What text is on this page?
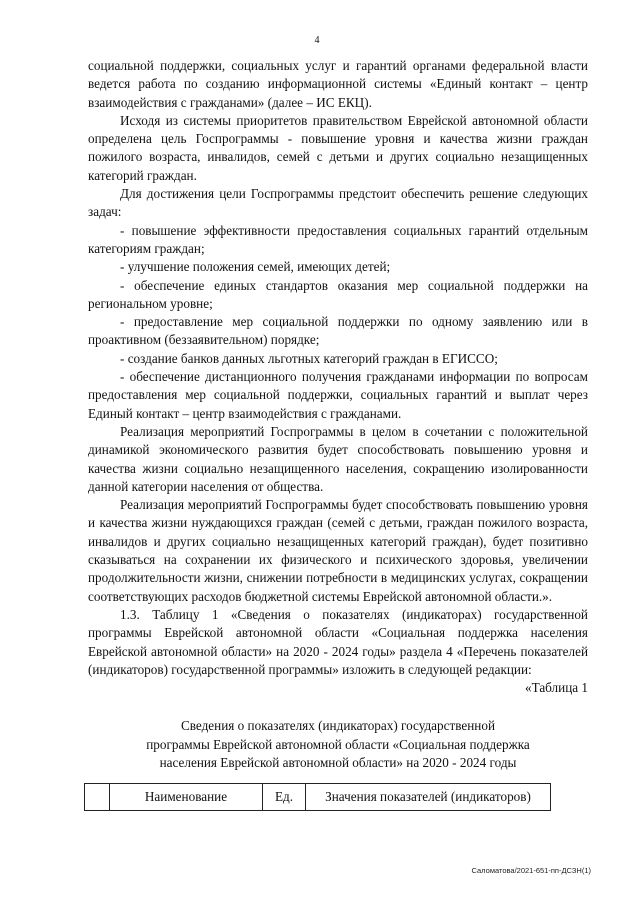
4

социальной поддержки, социальных услуг и гарантий органами федеральной власти ведется работа по созданию информационной системы «Единый контакт – центр взаимодействия с гражданами» (далее – ИС ЕКЦ).

Исходя из системы приоритетов правительством Еврейской автономной области определена цель Госпрограммы - повышение уровня и качества жизни граждан пожилого возраста, инвалидов, семей с детьми и других социально незащищенных категорий граждан.

Для достижения цели Госпрограммы предстоит обеспечить решение следующих задач:

- повышение эффективности предоставления социальных гарантий отдельным категориям граждан;

- улучшение положения семей, имеющих детей;

- обеспечение единых стандартов оказания мер социальной поддержки на региональном уровне;

- предоставление мер социальной поддержки по одному заявлению или в проактивном (беззаявительном) порядке;

- создание банков данных льготных категорий граждан в ЕГИССО;

- обеспечение дистанционного получения гражданами информации по вопросам предоставления мер социальной поддержки, социальных гарантий и выплат через Единый контакт – центр взаимодействия с гражданами.

Реализация мероприятий Госпрограммы в целом в сочетании с положительной динамикой экономического развития будет способствовать повышению уровня и качества жизни социально незащищенного населения, сокращению изолированности данной категории населения от общества.

Реализация мероприятий Госпрограммы будет способствовать повышению уровня и качества жизни нуждающихся граждан (семей с детьми, граждан пожилого возраста, инвалидов и других социально незащищенных категорий граждан), будет позитивно сказываться на сохранении их физического и психического здоровья, увеличении продолжительности жизни, снижении потребности в медицинских услугах, сокращении соответствующих расходов бюджетной системы Еврейской автономной области.».

1.3. Таблицу 1 «Сведения о показателях (индикаторах) государственной программы Еврейской автономной области «Социальная поддержка населения Еврейской автономной области» на 2020 - 2024 годы» раздела 4 «Перечень показателей (индикаторов) государственной программы» изложить в следующей редакции:

«Таблица 1

Сведения о показателях (индикаторах) государственной
программы Еврейской автономной области «Социальная поддержка
населения Еврейской автономной области» на 2020 - 2024 годы
	Наименование	Ед.	Значения показателей (индикаторов)
Саломатова/2021-651-пп-ДСЗН(1)
